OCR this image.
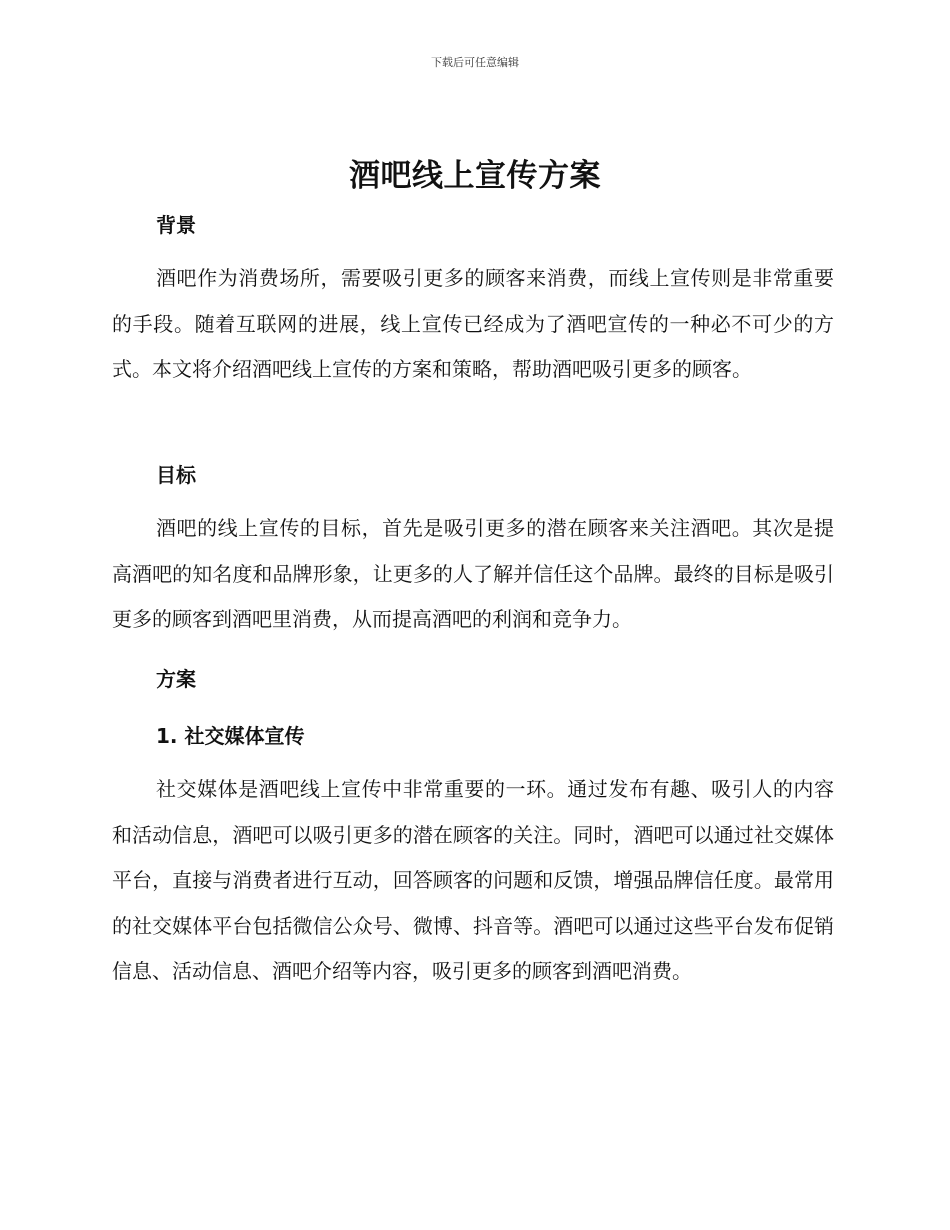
下载后可任意编辑
酒吧线上宣传方案
背景

酒吧作为消费场所，需要吸引更多的顾客来消费，而线上宣传则是非常重要的手段。随着互联网的进展，线上宣传已经成为了酒吧宣传的一种必不可少的方式。本文将介绍酒吧线上宣传的方案和策略，帮助酒吧吸引更多的顾客。

目标

酒吧的线上宣传的目标，首先是吸引更多的潜在顾客来关注酒吧。其次是提高酒吧的知名度和品牌形象，让更多的人了解并信任这个品牌。最终的目标是吸引更多的顾客到酒吧里消费，从而提高酒吧的利润和竞争力。

方案
1. 社交媒体宣传

社交媒体是酒吧线上宣传中非常重要的一环。通过发布有趣、吸引人的内容和活动信息，酒吧可以吸引更多的潜在顾客的关注。同时，酒吧可以通过社交媒体平台，直接与消费者进行互动，回答顾客的问题和反馈，增强品牌信任度。最常用的社交媒体平台包括微信公众号、微博、抖音等。酒吧可以通过这些平台发布促销信息、活动信息、酒吧介绍等内容，吸引更多的顾客到酒吧消费。
